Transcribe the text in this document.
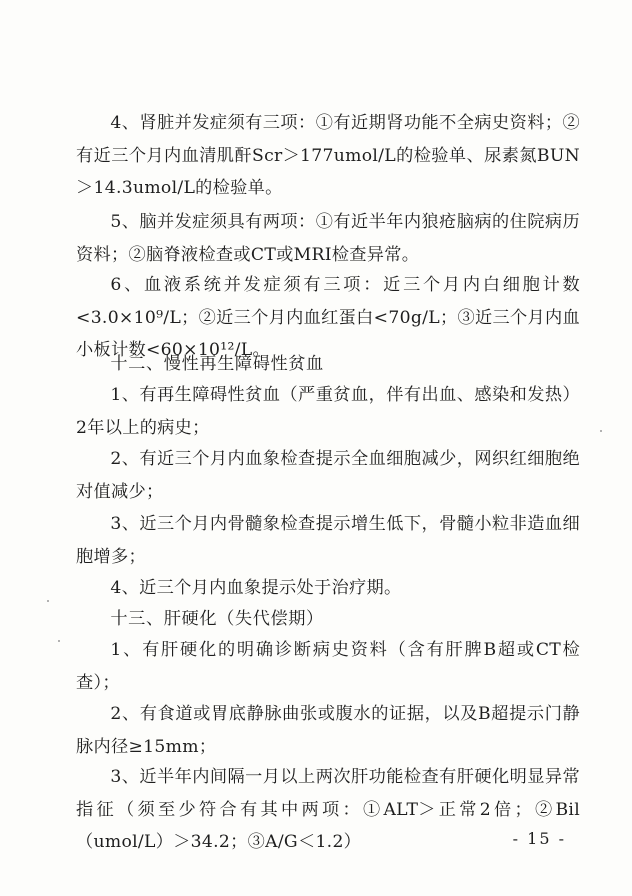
4、肾脏并发症须有三项：①有近期肾功能不全病史资料；②有近三个月内血清肌酐Scr＞177umol/L的检验单、尿素氮BUN＞14.3umol/L的检验单。

5、脑并发症须具有两项：①有近半年内狼疮脑病的住院病历资料；②脑脊液检查或CT或MRI检查异常。

6、血液系统并发症须有三项：近三个月内白细胞计数<3.0×10⁹/L；②近三个月内血红蛋白<70g/L；③近三个月内血小板计数<60×10¹²/L。

十二、慢性再生障碍性贫血

1、有再生障碍性贫血（严重贫血，伴有出血、感染和发热）2年以上的病史；

2、有近三个月内血象检查提示全血细胞减少，网织红细胞绝对值减少；

3、近三个月内骨髓象检查提示增生低下，骨髓小粒非造血细胞增多；

4、近三个月内血象提示处于治疗期。

十三、肝硬化（失代偿期）

1、有肝硬化的明确诊断病史资料（含有肝脾B超或CT检查）；

2、有食道或胃底静脉曲张或腹水的证据，以及B超提示门静脉内径≥15mm；

3、近半年内间隔一月以上两次肝功能检查有肝硬化明显异常指征（须至少符合有其中两项：①ALT＞正常2倍；②Bil（umol/L）＞34.2；③A/G＜1.2）	- 15 -
